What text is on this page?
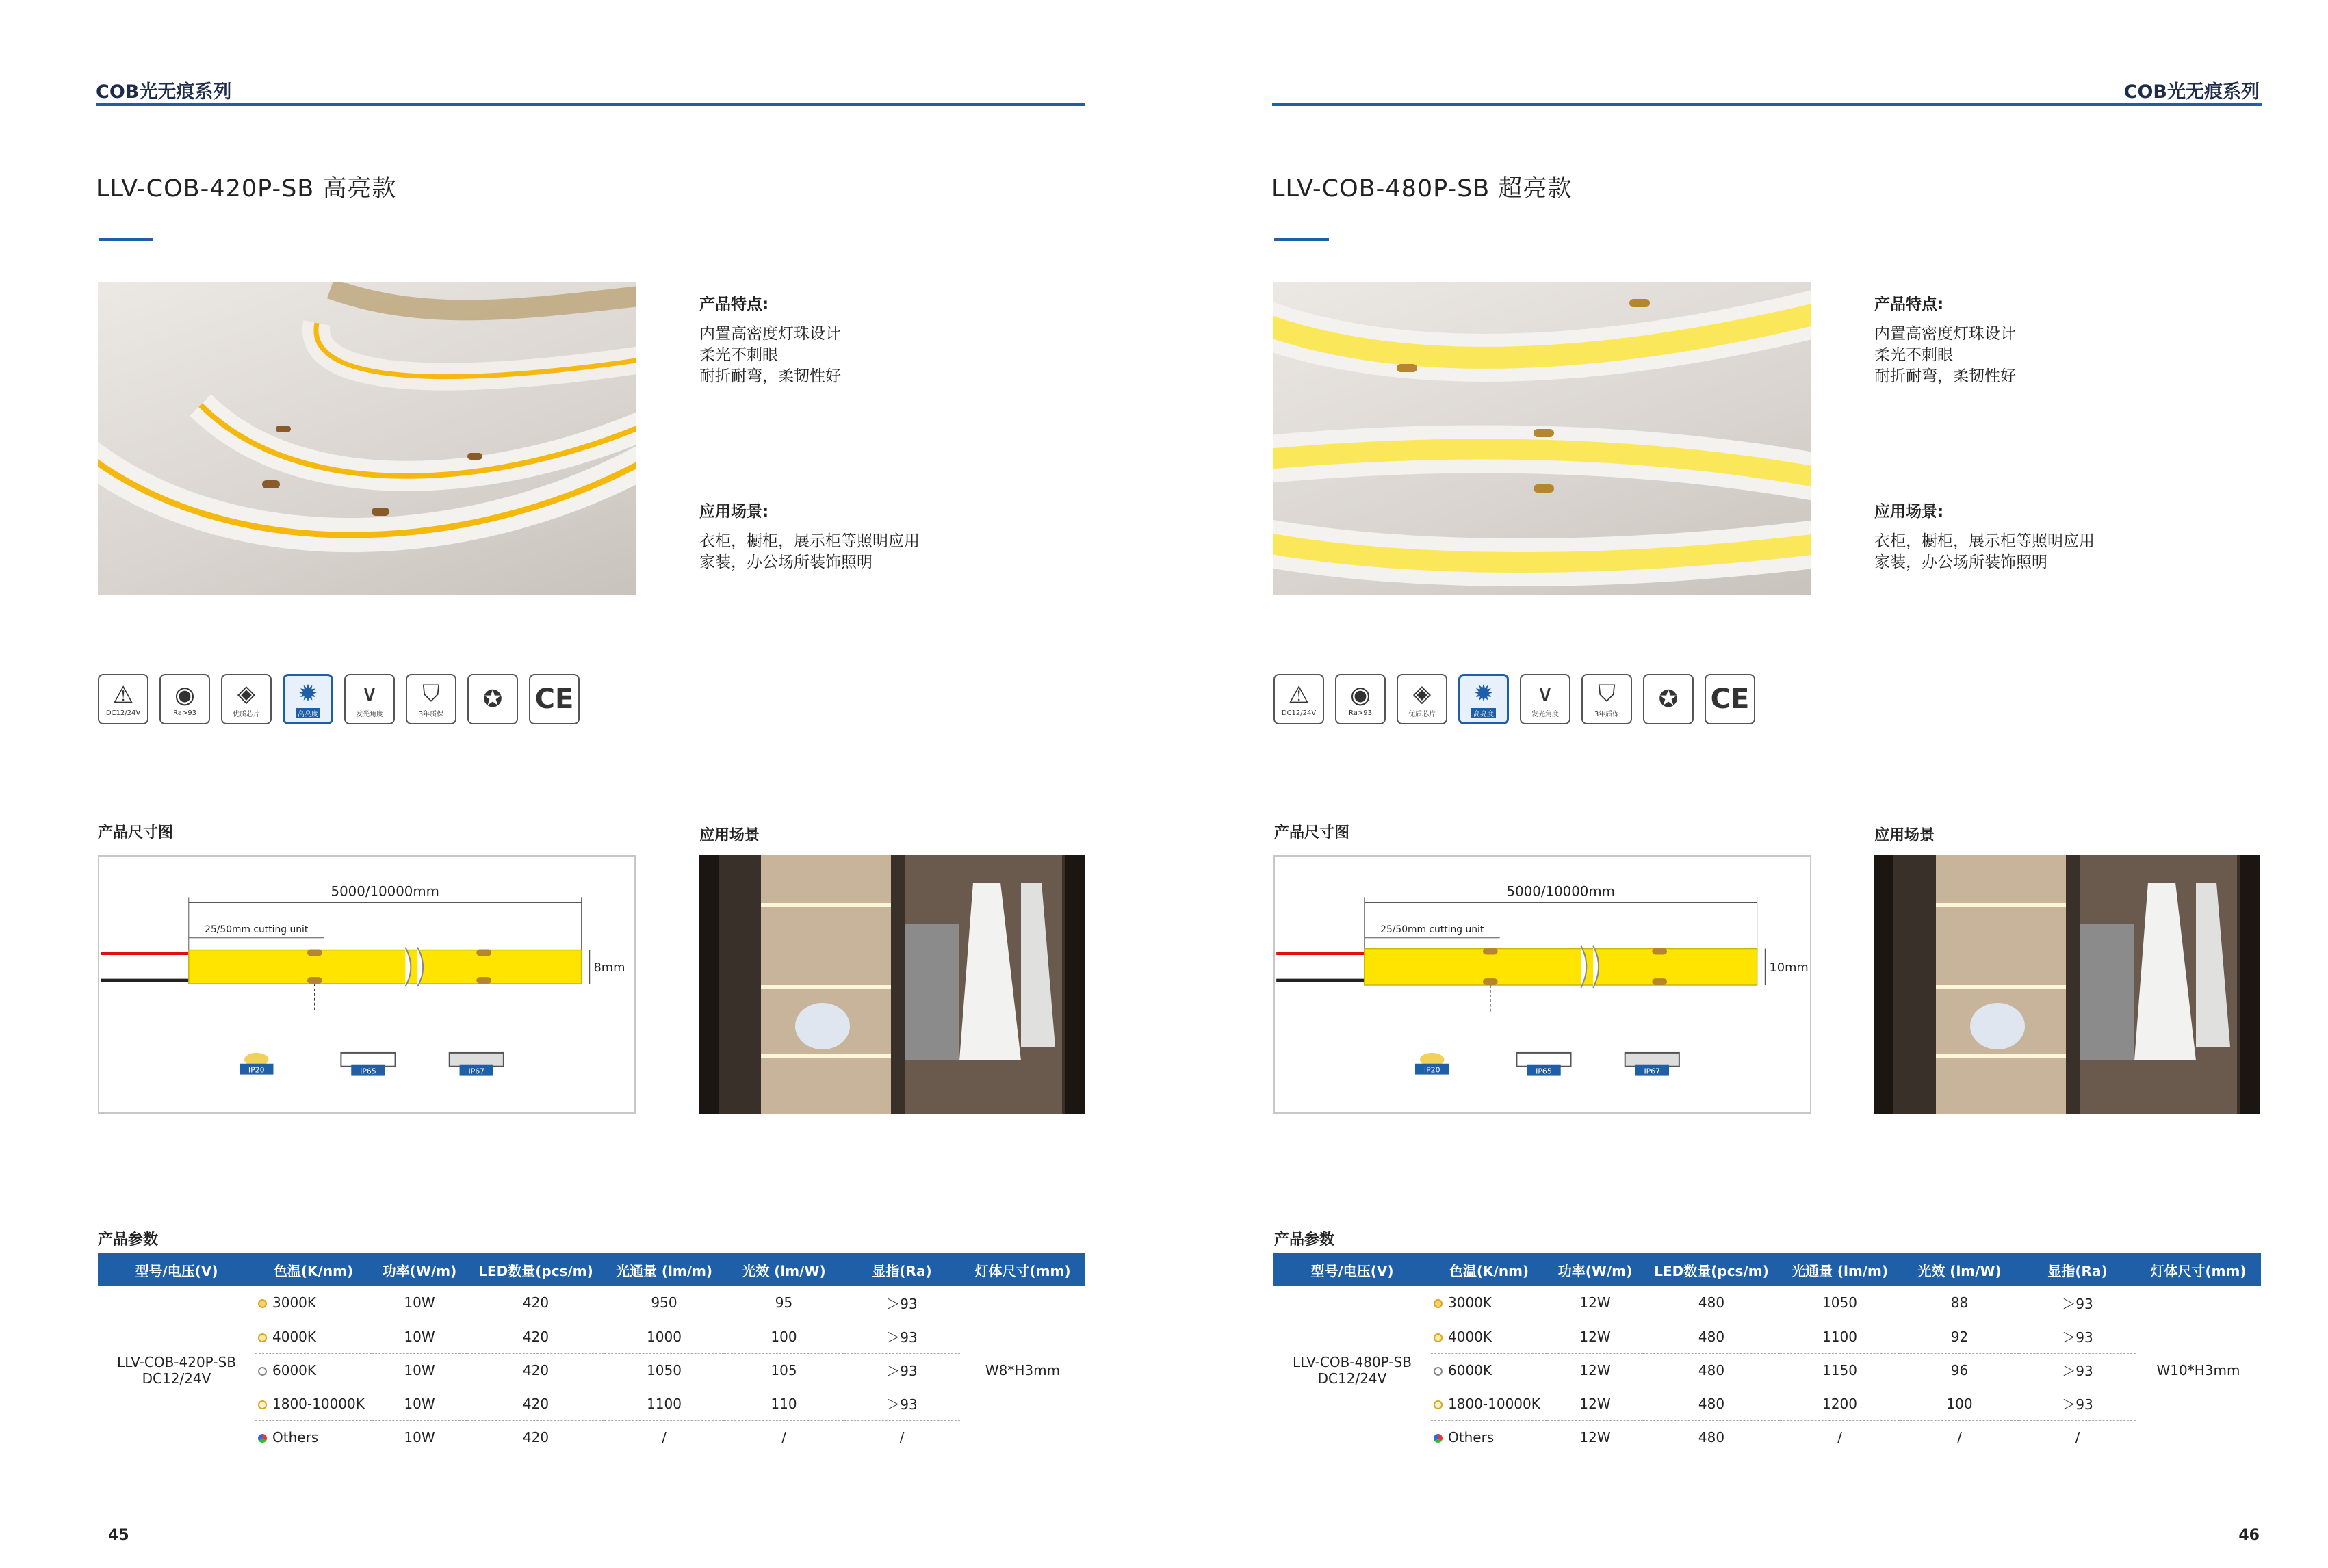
COB光无痕系列
LLV-COB-420P-SB 高亮款
产品特点:
内置高密度灯珠设计
柔光不刺眼
耐折耐弯，柔韧性好
应用场景:
衣柜，橱柜，展示柜等照明应用
家装，办公场所装饰照明
⚠
DC12/24V
◉
Ra>93
◈
优质芯片
✹
高亮度
∨
发光角度
⛉
3年质保
✪ CE
产品尺寸图	应用场景
5000/10000mm
25/50mm cutting unit
8mm
IP20	IP65	IP67
产品参数
型号/电压(V)	色温(K/nm)	功率(W/m)	LED数量(pcs/m)	光通量 (lm/m)	光效 (lm/W)	显指(Ra)	灯体尺寸(mm)

LLV-COB-420P-SB
DC12/24V	3000K	10W	420	950	95	＞93	W8*H3mm
	4000K	10W	420	1000	100	＞93	
	6000K	10W	420	1050	105	＞93	
	1800-10000K	10W	420	1100	110	＞93	
	Others	10W	420	/	/	/	
45
COB光无痕系列
LLV-COB-480P-SB 超亮款
产品特点:
内置高密度灯珠设计
柔光不刺眼
耐折耐弯，柔韧性好
应用场景:
衣柜，橱柜，展示柜等照明应用
家装，办公场所装饰照明
⚠
DC12/24V
◉
Ra>93
◈
优质芯片
✹
高亮度
∨
发光角度
⛉
3年质保
✪ CE
产品尺寸图	应用场景
5000/10000mm
25/50mm cutting unit
10mm
IP20	IP65	IP67
产品参数
型号/电压(V)	色温(K/nm)	功率(W/m)	LED数量(pcs/m)	光通量 (lm/m)	光效 (lm/W)	显指(Ra)	灯体尺寸(mm)

LLV-COB-480P-SB
DC12/24V	3000K	12W	480	1050	88	＞93	W10*H3mm
	4000K	12W	480	1100	92	＞93	
	6000K	12W	480	1150	96	＞93	
	1800-10000K	12W	480	1200	100	＞93	
	Others	12W	480	/	/	/	
46
